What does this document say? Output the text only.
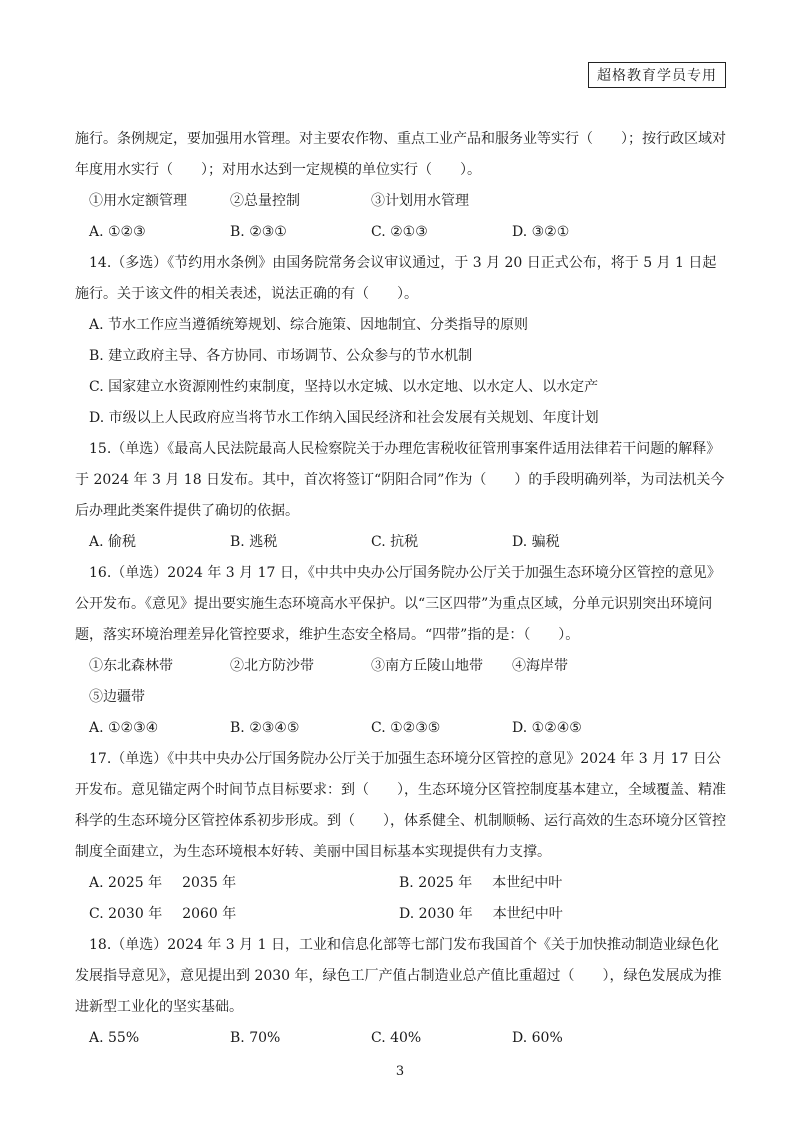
超格教育学员专用

施行。条例规定，要加强用水管理。对主要农作物、重点工业产品和服务业等实行（　　）；按行政区域对年度用水实行（　　）；对用水达到一定规模的单位实行（　　）。

①用水定额管理	②总量控制	③计划用水管理
A. ①②③	B. ②③①	C. ②①③	D. ③②①

14.（多选）《节约用水条例》由国务院常务会议审议通过，于 3 月 20 日正式公布，将于 5 月 1 日起施行。关于该文件的相关表述，说法正确的有（　　）。

A. 节水工作应当遵循统筹规划、综合施策、因地制宜、分类指导的原则

B. 建立政府主导、各方协同、市场调节、公众参与的节水机制

C. 国家建立水资源刚性约束制度，坚持以水定城、以水定地、以水定人、以水定产

D. 市级以上人民政府应当将节水工作纳入国民经济和社会发展有关规划、年度计划

15.（单选）《最高人民法院最高人民检察院关于办理危害税收征管刑事案件适用法律若干问题的解释》于 2024 年 3 月 18 日发布。其中，首次将签订“阴阳合同”作为（　　）的手段明确列举，为司法机关今后办理此类案件提供了确切的依据。

A. 偷税	B. 逃税	C. 抗税	D. 骗税

16.（单选）2024 年 3 月 17 日，《中共中央办公厅国务院办公厅关于加强生态环境分区管控的意见》公开发布。《意见》提出要实施生态环境高水平保护。以“三区四带”为重点区域，分单元识别突出环境问题，落实环境治理差异化管控要求，维护生态安全格局。“四带”指的是：（　　）。

①东北森林带	②北方防沙带	③南方丘陵山地带	④海岸带
⑤边疆带
A. ①②③④	B. ②③④⑤	C. ①②③⑤	D. ①②④⑤

17.（单选）《中共中央办公厅国务院办公厅关于加强生态环境分区管控的意见》2024 年 3 月 17 日公开发布。意见锚定两个时间节点目标要求：到（　　），生态环境分区管控制度基本建立，全域覆盖、精准科学的生态环境分区管控体系初步形成。到（　　），体系健全、机制顺畅、运行高效的生态环境分区管控制度全面建立，为生态环境根本好转、美丽中国目标基本实现提供有力支撑。

A. 2025 年 2035 年	B. 2025 年 本世纪中叶
C. 2030 年 2060 年	D. 2030 年 本世纪中叶

18.（单选）2024 年 3 月 1 日，工业和信息化部等七部门发布我国首个《关于加快推动制造业绿色化发展指导意见》，意见提出到 2030 年，绿色工厂产值占制造业总产值比重超过（　　），绿色发展成为推进新型工业化的坚实基础。

A. 55%	B. 70%	C. 40%	D. 60%
3
